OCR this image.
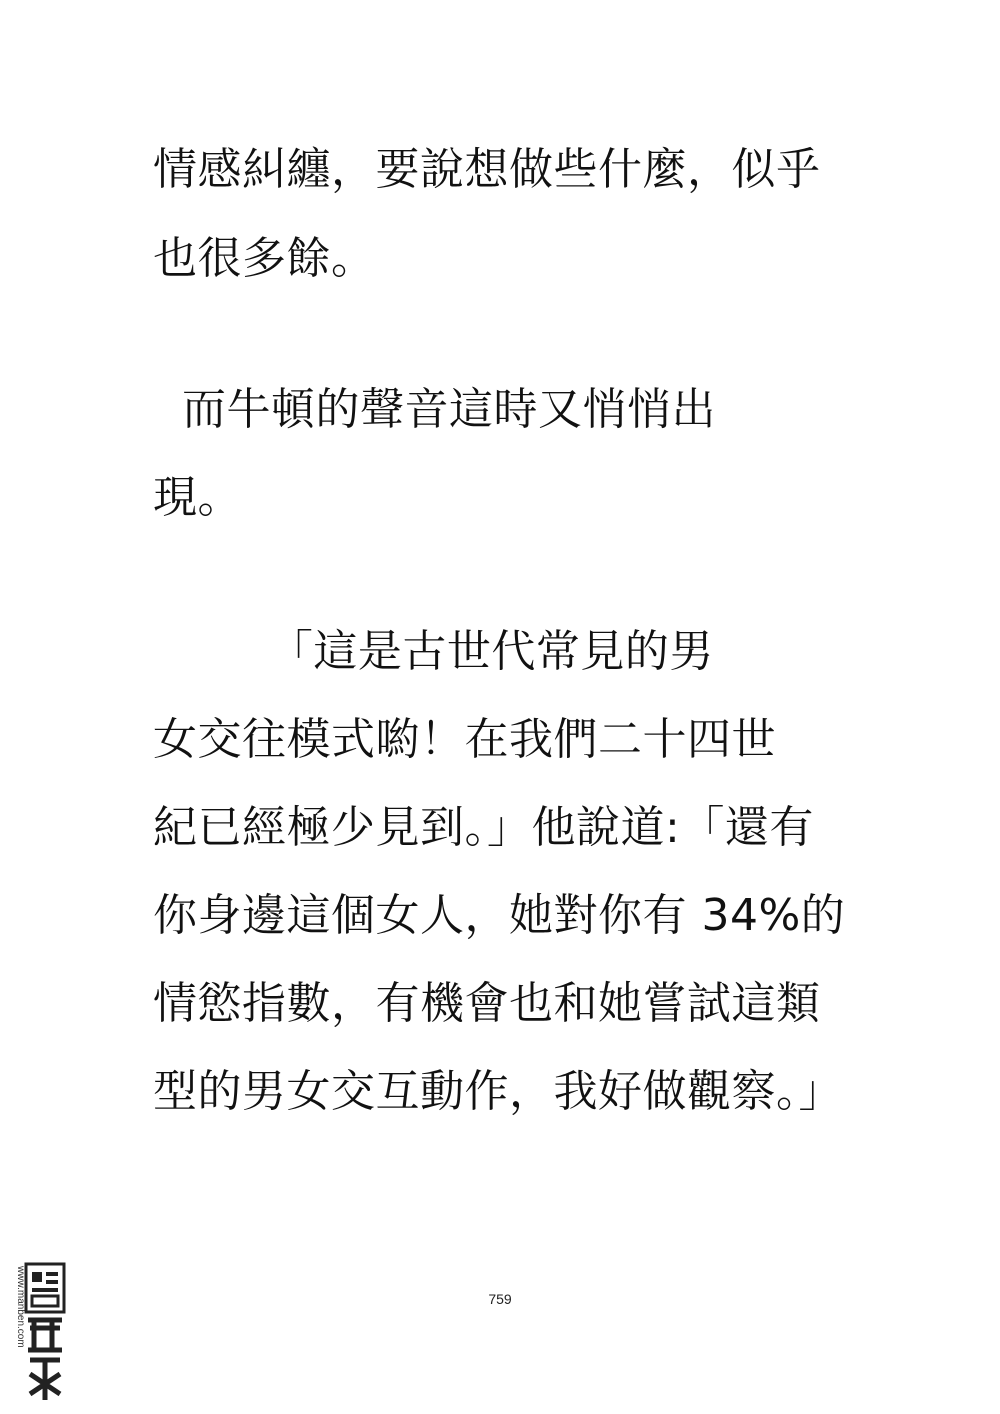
情感糾纏，要說想做些什麼，似乎
也很多餘。
而牛頓的聲音這時又悄悄出
現。
「這是古世代常見的男
女交往模式喲！在我們二十四世
紀已經極少見到。」他說道:「還有
你身邊這個女人，她對你有 34%的
情慾指數，有機會也和她嘗試這類
型的男女交互動作，我好做觀察。」
759
www.manben.com
